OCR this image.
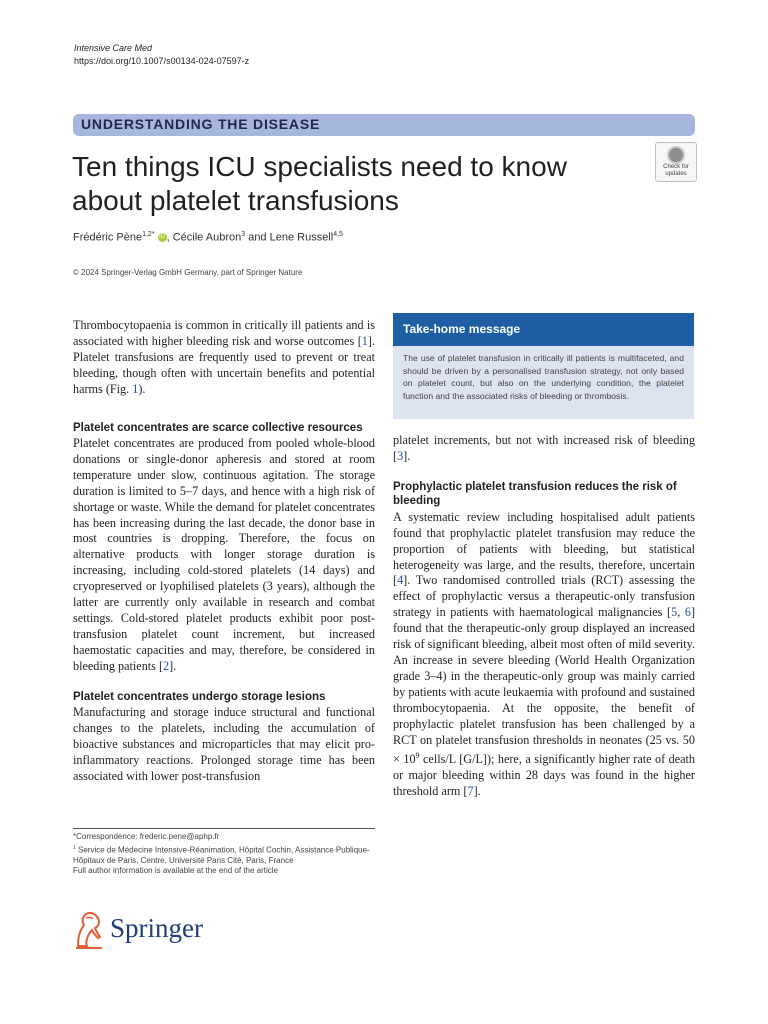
Intensive Care Med
https://doi.org/10.1007/s00134-024-07597-z
UNDERSTANDING THE DISEASE
Ten things ICU specialists need to know about platelet transfusions
Check for
updates
Frédéric Pène$^{1,2*}$ iD , Cécile Aubron$^3$ and Lene Russell$^{4,5}$
© 2024 Springer-Verlag GmbH Germany, part of Springer Nature

Thrombocytopaenia is common in critically ill patients and is associated with higher bleeding risk and worse outcomes [1]. Platelet transfusions are frequently used to prevent or treat bleeding, though often with uncertain benefits and potential harms (Fig. 1).

Platelet concentrates are scarce collective resources

Platelet concentrates are produced from pooled whole-blood donations or single-donor apheresis and stored at room temperature under slow, continuous agitation. The storage duration is limited to 5–7 days, and hence with a high risk of shortage or waste. While the demand for platelet concentrates has been increasing during the last decade, the donor base in most countries is dropping. Therefore, the focus on alternative products with longer storage duration is increasing, including cold-stored platelets (14 days) and cryopreserved or lyophilised platelets (3 years), although the latter are currently only available in research and combat settings. Cold-stored platelet products exhibit poor post-transfusion platelet count increment, but increased haemostatic capacities and may, therefore, be considered in bleeding patients [2].

Platelet concentrates undergo storage lesions

Manufacturing and storage induce structural and functional changes to the platelets, including the accumulation of bioactive substances and microparticles that may elicit pro-inflammatory reactions. Prolonged storage time has been associated with lower post-transfusion

Take-home message
The use of platelet transfusion in critically ill patients is multifaceted, and should be driven by a personalised transfusion strategy, not only based on platelet count, but also on the underlying condition, the platelet function and the associated risks of bleeding or thrombosis.

platelet increments, but not with increased risk of bleeding [3].

Prophylactic platelet transfusion reduces the risk of bleeding

A systematic review including hospitalised adult patients found that prophylactic platelet transfusion may reduce the proportion of patients with bleeding, but statistical heterogeneity was large, and the results, therefore, uncertain [4]. Two randomised controlled trials (RCT) assessing the effect of prophylactic versus a therapeutic-only transfusion strategy in patients with haematological malignancies [5, 6] found that the therapeutic-only group displayed an increased risk of significant bleeding, albeit most often of mild severity. An increase in severe bleeding (World Health Organization grade 3–4) in the therapeutic-only group was mainly carried by patients with acute leukaemia with profound and sustained thrombocytopaenia. At the opposite, the benefit of prophylactic platelet transfusion has been challenged by a RCT on platelet transfusion thresholds in neonates (25 vs. $50 \times 10^9$ cells/L [G/L]); here, a significantly higher rate of death or major bleeding within 28 days was found in the higher threshold arm [7].

*Correspondence: frederic.pene@aphp.fr
$^1$ Service de Médecine Intensive-Réanimation, Hôpital Cochin, Assistance Publique-Hôpitaux de Paris, Centre, Université Paris Cité, Paris, France
Full author information is available at the end of the article
Springer
